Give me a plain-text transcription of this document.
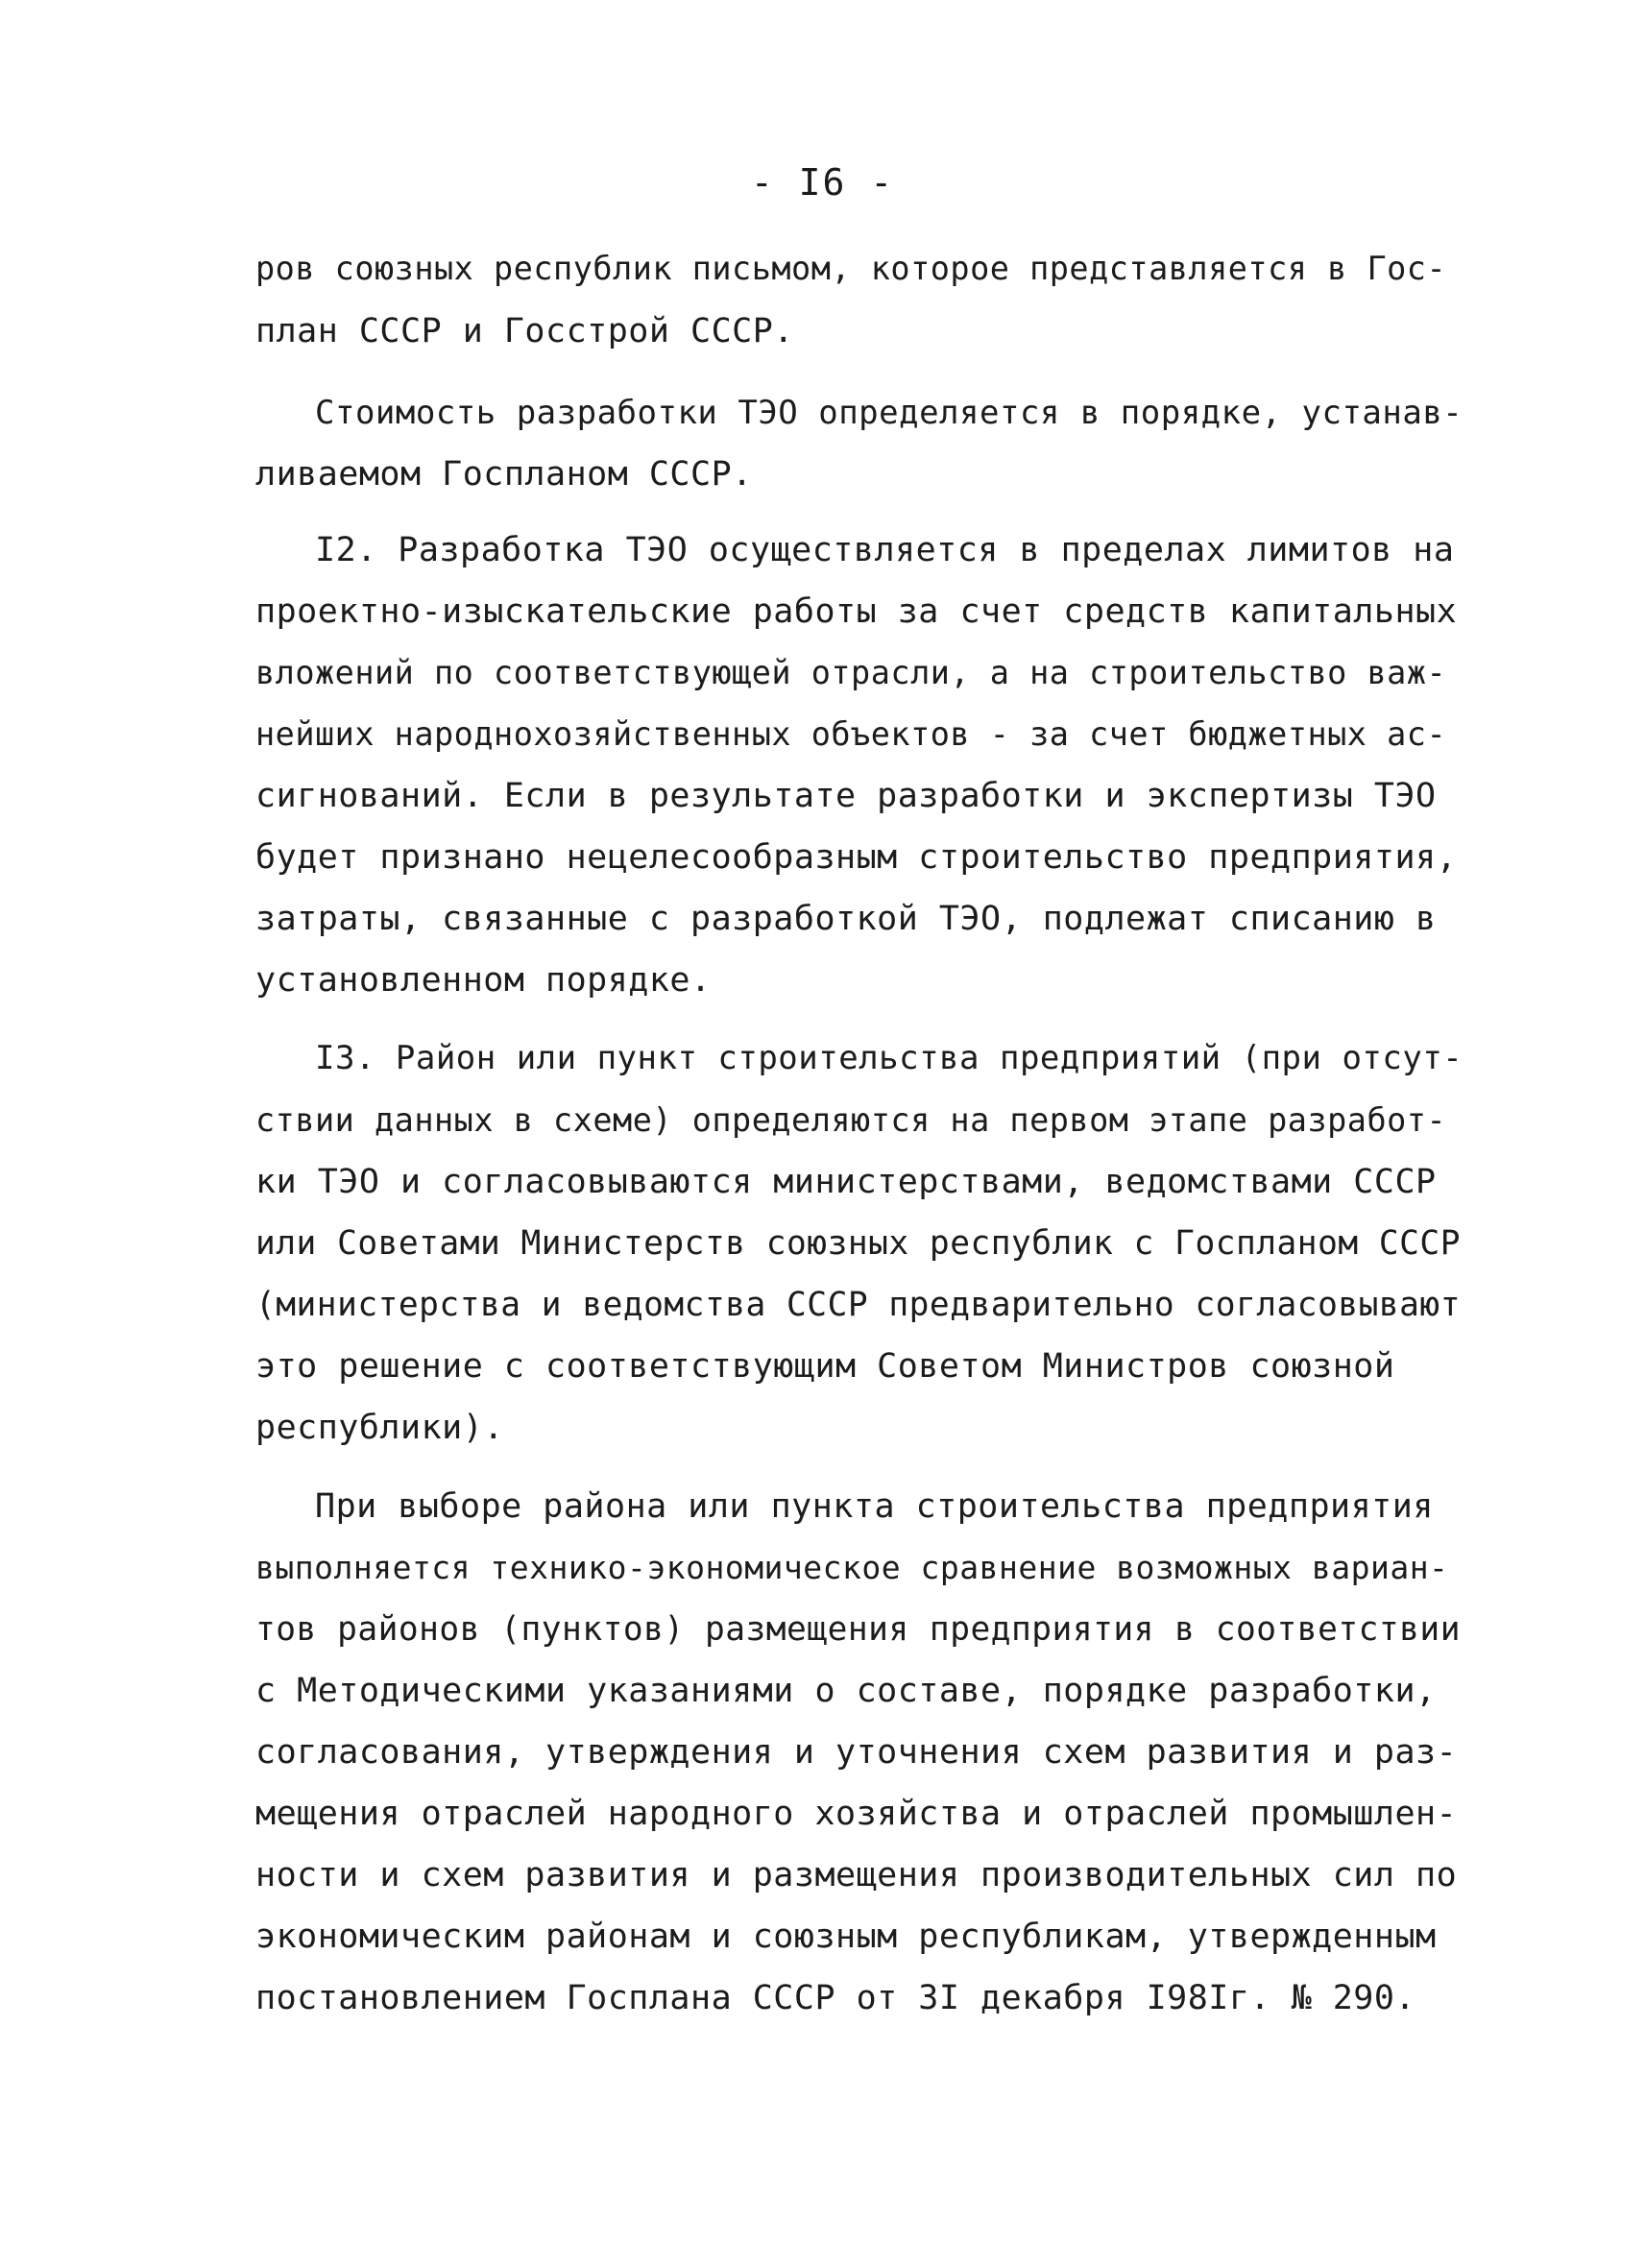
- I6 -
ров союзных республик письмом, которое представляется в Гос-
план СССР и Госстрой СССР.
Стоимость разработки ТЭО определяется в порядке, устанав-
ливаемом Госпланом СССР.
I2. Разработка ТЭО осуществляется в пределах лимитов на
проектно-изыскательские работы за счет средств капитальных
вложений по соответствующей отрасли, а на строительство важ-
нейших народнохозяйственных объектов - за счет бюджетных ас-
сигнований. Если в результате разработки и экспертизы ТЭО
будет признано нецелесообразным строительство предприятия,
затраты, связанные с разработкой ТЭО, подлежат списанию в
установленном порядке.
I3. Район или пункт строительства предприятий (при отсут-
ствии данных в схеме) определяются на первом этапе разработ-
ки ТЭО и согласовываются министерствами, ведомствами СССР
или Советами Министерств союзных республик с Госпланом СССР
(министерства и ведомства СССР предварительно согласовывают
это решение с соответствующим Советом Министров союзной
республики).
При выборе района или пункта строительства предприятия
выполняется технико-экономическое сравнение возможных вариан-
тов районов (пунктов) размещения предприятия в соответствии
с Методическими указаниями о составе, порядке разработки,
согласования, утверждения и уточнения схем развития и раз-
мещения отраслей народного хозяйства и отраслей промышлен-
ности и схем развития и размещения производительных сил по
экономическим районам и союзным республикам, утвержденным
постановлением Госплана СССР от 3I декабря I98Iг. № 290.
